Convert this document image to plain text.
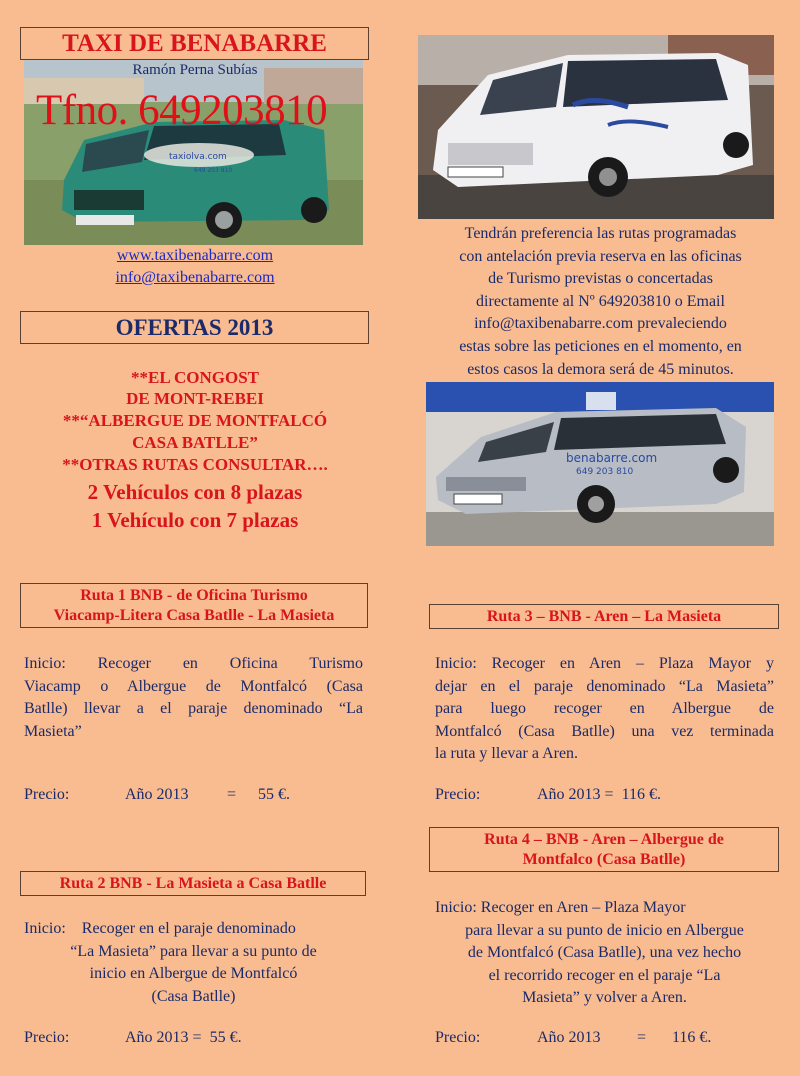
TAXI DE BENABARRE
taxiolva.com
649 203 810
Ramón Perna Subías
Tfno. 649203810
www.taxibenabarre.com
info@taxibenabarre.com
OFERTAS 2013
**EL CONGOST
DE MONT-REBEI
**“ALBERGUE DE MONTFALCÓ
CASA BATLLE”
**OTRAS RUTAS CONSULTAR….
2 Vehículos con 8 plazas
1 Vehículo con 7 plazas
Tendrán preferencia las rutas programadas
con antelación previa reserva en las oficinas
de Turismo previstas o concertadas
directamente al Nº 649203810 o Email
info@taxibenabarre.com prevaleciendo
estas sobre las peticiones en el momento, en
estos casos la demora será de 45 minutos.
benabarre.com
649 203 810
Ruta 1 BNB - de Oficina Turismo
Viacamp-Litera Casa Batlle - La Masieta
Inicio: Recoger en Oficina Turismo
Viacamp o Albergue de Montfalcó (Casa
Batlle) llevar a el paraje denominado “La
Masieta”
Precio:	Año 2013 = 55 €.
Ruta 2 BNB - La Masieta a Casa Batlle
Inicio:    Recoger en el paraje denominado
“La Masieta” para llevar a su punto de
inicio en Albergue de Montfalcó
(Casa Batlle)
Precio:	Año 2013 =  55 €.
Ruta 3 – BNB - Aren – La Masieta
Inicio: Recoger en Aren – Plaza Mayor y
dejar en el paraje denominado “La Masieta”
para luego recoger en Albergue de
Montfalcó (Casa Batlle) una vez terminada
la ruta y llevar a Aren.
Precio:	Año 2013 =  116 €.
Ruta 4 – BNB - Aren – Albergue de
Montfalco (Casa Batlle)
Inicio: Recoger en Aren – Plaza Mayor
para llevar a su punto de inicio en Albergue
de Montfalcó (Casa Batlle), una vez hecho
el recorrido recoger en el paraje “La
Masieta” y volver a Aren.
Precio:	Año 2013 = 116 €.
